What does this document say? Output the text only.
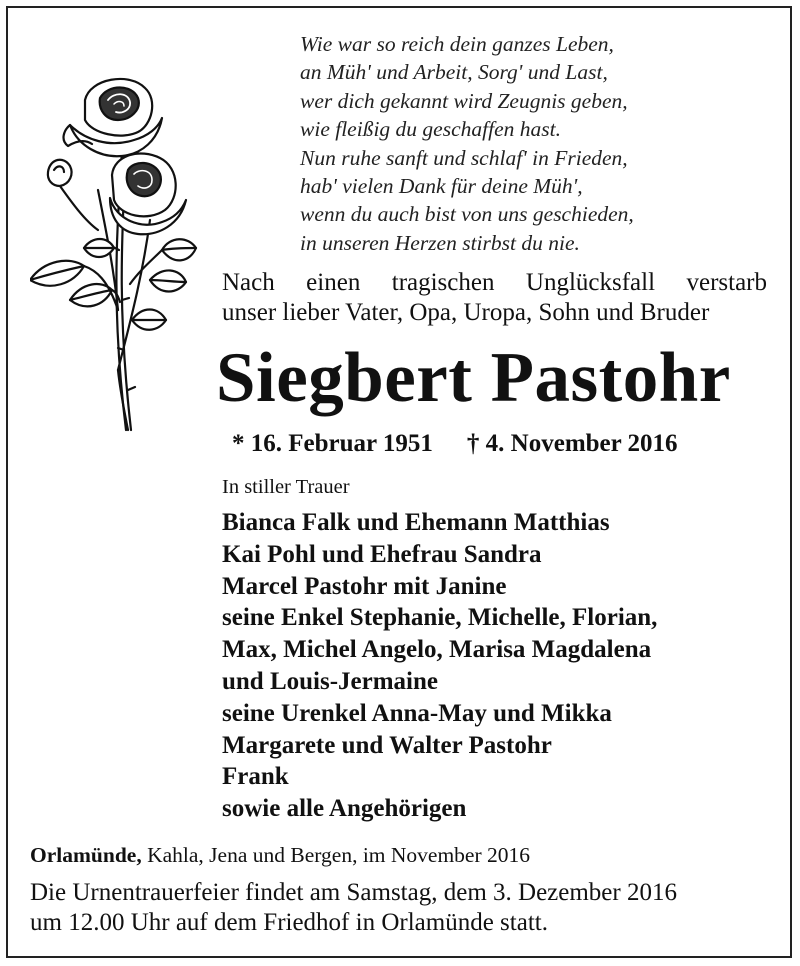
Wie war so reich dein ganzes Leben,
an Müh' und Arbeit, Sorg' und Last,
wer dich gekannt wird Zeugnis geben,
wie fleißig du geschaffen hast.
Nun ruhe sanft und schlaf' in Frieden,
hab' vielen Dank für deine Müh',
wenn du auch bist von uns geschieden,
in unseren Herzen stirbst du nie.
Nach einen tragischen Unglücksfall verstarb
unser lieber Vater, Opa, Uropa, Sohn und Bruder
Siegbert Pastohr
* 16. Februar 1951 † 4. November 2016
In stiller Trauer
Bianca Falk und Ehemann Matthias
Kai Pohl und Ehefrau Sandra
Marcel Pastohr mit Janine
seine Enkel Stephanie, Michelle, Florian,
Max, Michel Angelo, Marisa Magdalena
und Louis-Jermaine
seine Urenkel Anna-May und Mikka
Margarete und Walter Pastohr
Frank
sowie alle Angehörigen
Orlamünde, Kahla, Jena und Bergen, im November 2016
Die Urnentrauerfeier findet am Samstag, dem 3. Dezember 2016
um 12.00 Uhr auf dem Friedhof in Orlamünde statt.
